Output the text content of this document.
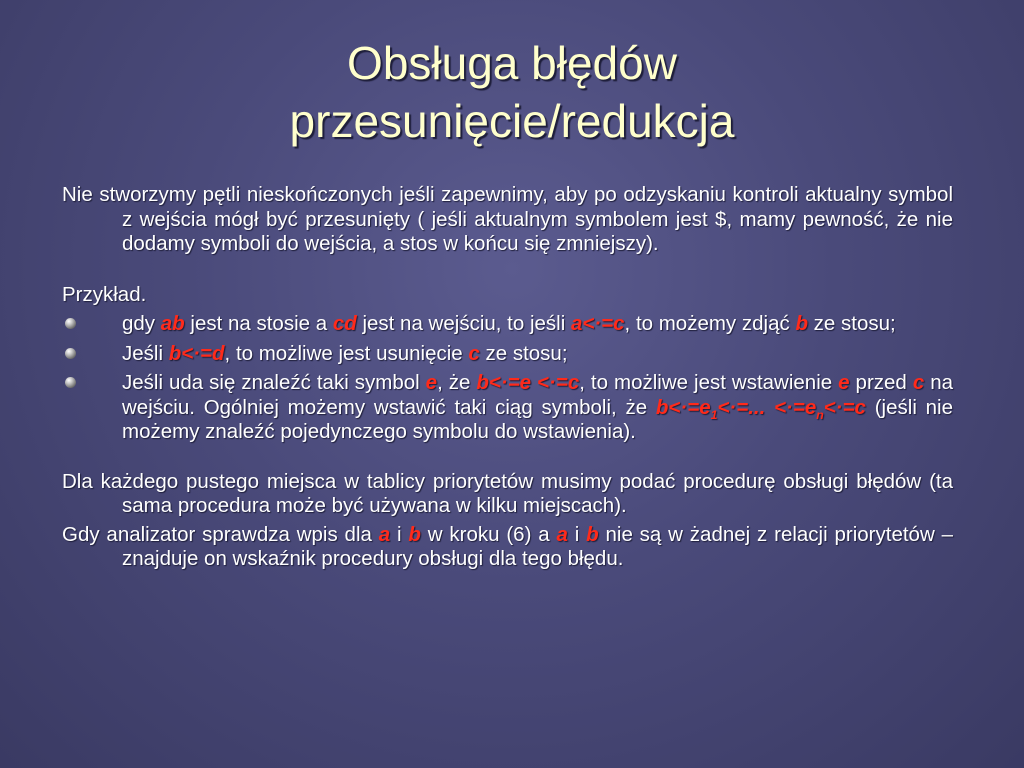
Obsługa błędów
przesunięcie/redukcja
Nie stworzymy pętli nieskończonych jeśli zapewnimy, aby po odzyskaniu kontroli aktualny symbol z wejścia mógł być przesunięty ( jeśli aktualnym symbolem jest $, mamy pewność, że nie dodamy symboli do wejścia, a stos w końcu się zmniejszy).
Przykład.
gdy ab jest na stosie a cd jest na wejściu, to jeśli a<·=c, to możemy zdjąć b ze stosu;
Jeśli b<·=d, to możliwe jest usunięcie c ze stosu;
Jeśli uda się znaleźć taki symbol e, że b<·=e <·=c, to możliwe jest wstawienie e przed c na wejściu. Ogólniej możemy wstawić taki ciąg symboli, że $b<\cdot=e_1<\cdot=$... $<\cdot=e_n<\cdot=c$ (jeśli nie możemy znaleźć pojedynczego symbolu do wstawienia).
Dla każdego pustego miejsca w tablicy priorytetów musimy podać procedurę obsługi błędów (ta sama procedura może być używana w kilku miejscach).
Gdy analizator sprawdza wpis dla a i b w kroku (6) a a i b nie są w żadnej z relacji priorytetów – znajduje on wskaźnik procedury obsługi dla tego błędu.
